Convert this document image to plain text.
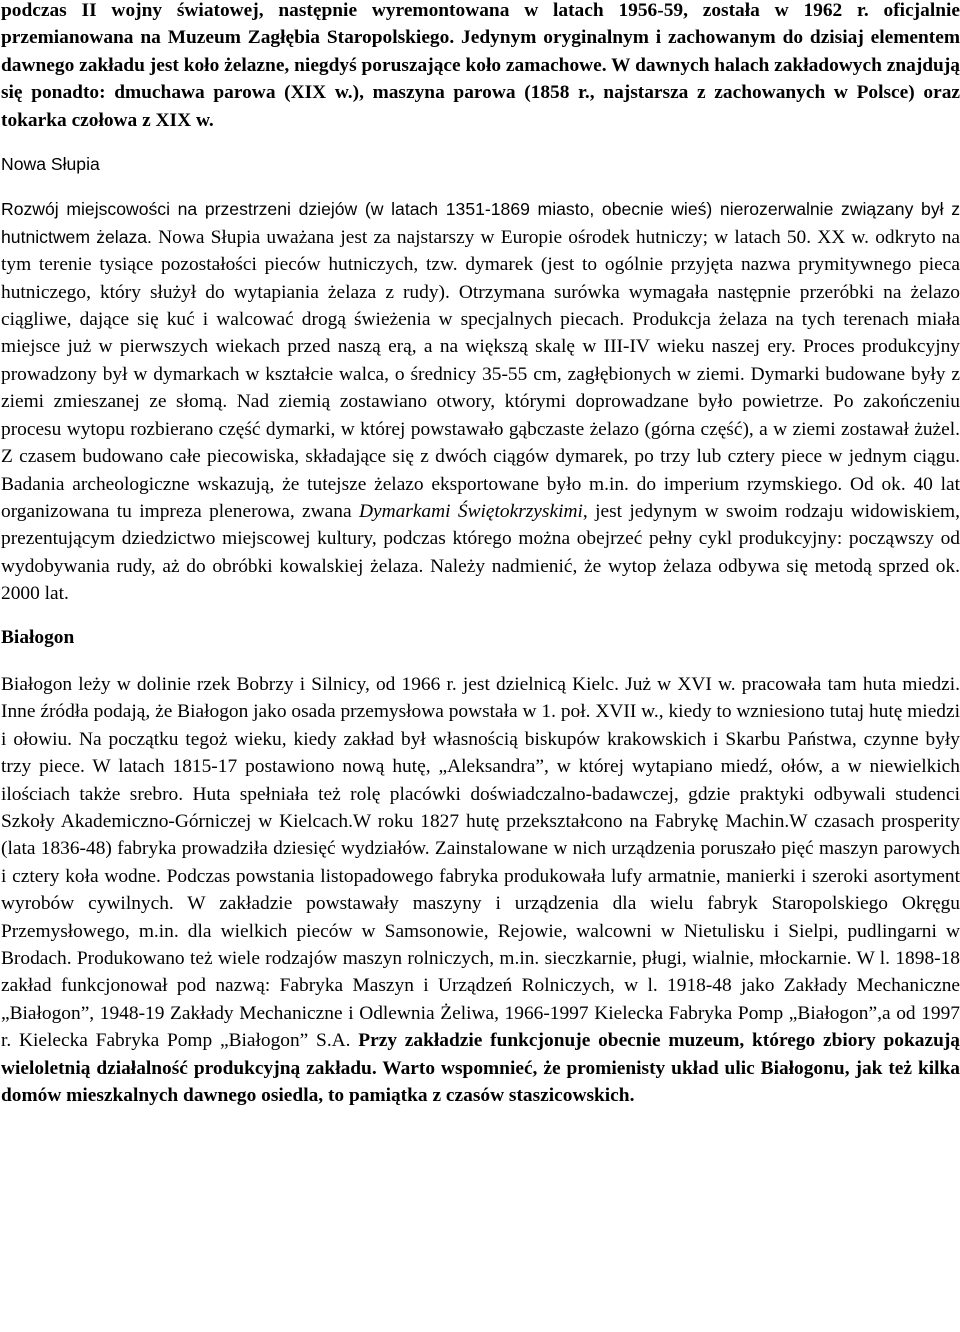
podczas II wojny światowej, następnie wyremontowana w latach 1956-59, została w 1962 r. oficjalnie przemianowana na Muzeum Zagłębia Staropolskiego. Jedynym oryginalnym i zachowanym do dzisiaj elementem dawnego zakładu jest koło żelazne, niegdyś poruszające koło zamachowe. W dawnych halach zakładowych znajdują się ponadto: dmuchawa parowa (XIX w.), maszyna parowa (1858 r., najstarsza z zachowanych w Polsce) oraz tokarka czołowa z XIX w.

Nowa Słupia

Rozwój miejscowości na przestrzeni dziejów (w latach 1351-1869 miasto, obecnie wieś) nierozerwalnie związany był z hutnictwem żelaza. Nowa Słupia uważana jest za najstarszy w Europie ośrodek hutniczy; w latach 50. XX w. odkryto na tym terenie tysiące pozostałości pieców hutniczych, tzw. dymarek (jest to ogólnie przyjęta nazwa prymitywnego pieca hutniczego, który służył do wytapiania żelaza z rudy). Otrzymana surówka wymagała następnie przeróbki na żelazo ciągliwe, dające się kuć i walcować drogą świeżenia w specjalnych piecach. Produkcja żelaza na tych terenach miała miejsce już w pierwszych wiekach przed naszą erą, a na większą skalę w III-IV wieku naszej ery. Proces produkcyjny prowadzony był w dymarkach w kształcie walca, o średnicy 35-55 cm, zagłębionych w ziemi. Dymarki budowane były z ziemi zmieszanej ze słomą. Nad ziemią zostawiano otwory, którymi doprowadzane było powietrze. Po zakończeniu procesu wytopu rozbierano część dymarki, w której powstawało gąbczaste żelazo (górna część), a w ziemi zostawał żużel. Z czasem budowano całe piecowiska, składające się z dwóch ciągów dymarek, po trzy lub cztery piece w jednym ciągu. Badania archeologiczne wskazują, że tutejsze żelazo eksportowane było m.in. do imperium rzymskiego. Od ok. 40 lat organizowana tu impreza plenerowa, zwana Dymarkami Świętokrzyskimi, jest jedynym w swoim rodzaju widowiskiem, prezentującym dziedzictwo miejscowej kultury, podczas którego można obejrzeć pełny cykl produkcyjny: począwszy od wydobywania rudy, aż do obróbki kowalskiej żelaza. Należy nadmienić, że wytop żelaza odbywa się metodą sprzed ok. 2000 lat.

Białogon

Białogon leży w dolinie rzek Bobrzy i Silnicy, od 1966 r. jest dzielnicą Kielc. Już w XVI w. pracowała tam huta miedzi. Inne źródła podają, że Białogon jako osada przemysłowa powstała w 1. poł. XVII w., kiedy to wzniesiono tutaj hutę miedzi i ołowiu. Na początku tegoż wieku, kiedy zakład był własnością biskupów krakowskich i Skarbu Państwa, czynne były trzy piece. W latach 1815-17 postawiono nową hutę, „Aleksandra”, w której wytapiano miedź, ołów, a w niewielkich ilościach także srebro. Huta spełniała też rolę placówki doświadczalno-badawczej, gdzie praktyki odbywali studenci Szkoły Akademiczno-Górniczej w Kielcach.W roku 1827 hutę przekształcono na Fabrykę Machin.W czasach prosperity (lata 1836-48) fabryka prowadziła dziesięć wydziałów. Zainstalowane w nich urządzenia poruszało pięć maszyn parowych i cztery koła wodne. Podczas powstania listopadowego fabryka produkowała lufy armatnie, manierki i szeroki asortyment wyrobów cywilnych. W zakładzie powstawały maszyny i urządzenia dla wielu fabryk Staropolskiego Okręgu Przemysłowego, m.in. dla wielkich pieców w Samsonowie, Rejowie, walcowni w Nietulisku i Sielpi, pudlingarni w Brodach. Produkowano też wiele rodzajów maszyn rolniczych, m.in. sieczkarnie, pługi, wialnie, młockarnie. W l. 1898-18 zakład funkcjonował pod nazwą: Fabryka Maszyn i Urządzeń Rolniczych, w l. 1918-48 jako Zakłady Mechaniczne „Białogon”, 1948-19 Zakłady Mechaniczne i Odlewnia Żeliwa, 1966-1997 Kielecka Fabryka Pomp „Białogon”,a od 1997 r. Kielecka Fabryka Pomp „Białogon” S.A. Przy zakładzie funkcjonuje obecnie muzeum, którego zbiory pokazują wieloletnią działalność produkcyjną zakładu. Warto wspomnieć, że promienisty układ ulic Białogonu, jak też kilka domów mieszkalnych dawnego osiedla, to pamiątka z czasów staszicowskich.
